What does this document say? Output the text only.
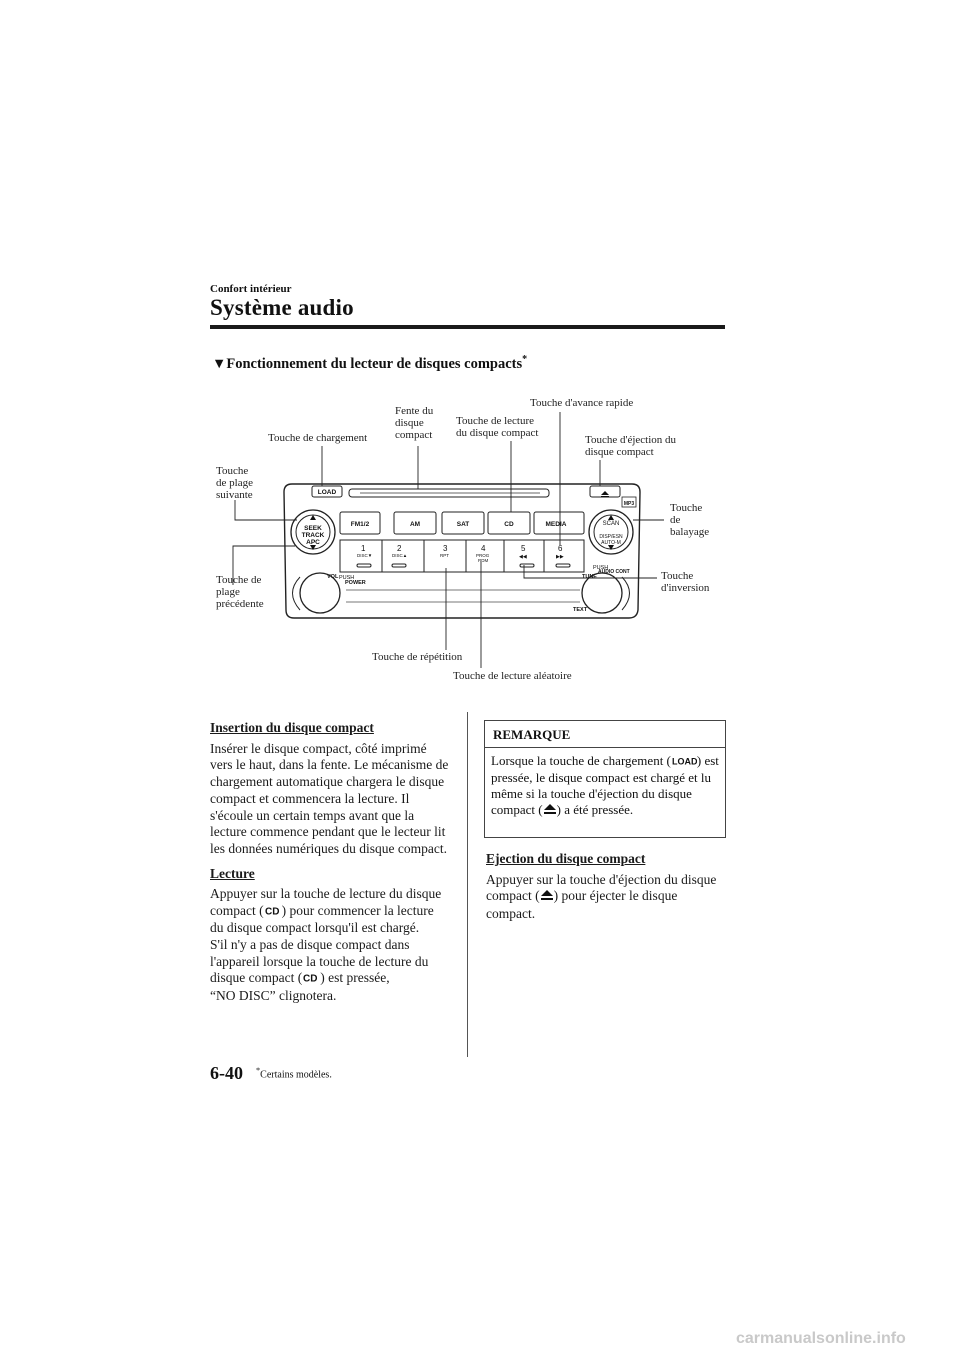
Confort intérieur
Système audio
▼Fonctionnement du lecteur de disques compacts*
LOAD
SEEK
TRACK
APC
FM1/2	AM	SAT	CD	MEDIA
MP3
VOL
POWER
TUNE
AUDIO CONT
TEXT
PUSH
PUSH
SCAN
DISP/ESN
AUTO-M
1
DISC▼
2
DISC▲
3
RPT
4
PROG
RDM
5
◀◀
6
▶▶
Touche de chargement
Fente du
disque
compact
Touche de lecture
du disque compact
Touche d'avance rapide
Touche d'éjection du
disque compact
Touche
de plage
suivante
Touche
de
balayage
Touche de
plage
précédente
Touche
d'inversion
Touche de répétition
Touche de lecture aléatoire
Insertion du disque compact
Insérer le disque compact, côté imprimé vers le haut, dans la fente. Le mécanisme de chargement automatique chargera le disque compact et commencera la lecture. Il s'écoule un certain temps avant que la lecture commence pendant que le lecteur lit les données numériques du disque compact.
Lecture
Appuyer sur la touche de lecture du disque compact ( CD ) pour commencer la lecture du disque compact lorsqu'il est chargé.
S'il n'y a pas de disque compact dans l'appareil lorsque la touche de lecture du disque compact ( CD ) est pressée,
“NO DISC” clignotera.
REMARQUE
Lorsque la touche de chargement ( LOAD ) est pressée, le disque compact est chargé et lu même si la touche d'éjection du disque compact ( ) a été pressée.
Ejection du disque compact
Appuyer sur la touche d'éjection du disque compact ( ) pour éjecter le disque compact.
6-40 *Certains modèles.
carmanualsonline.info
